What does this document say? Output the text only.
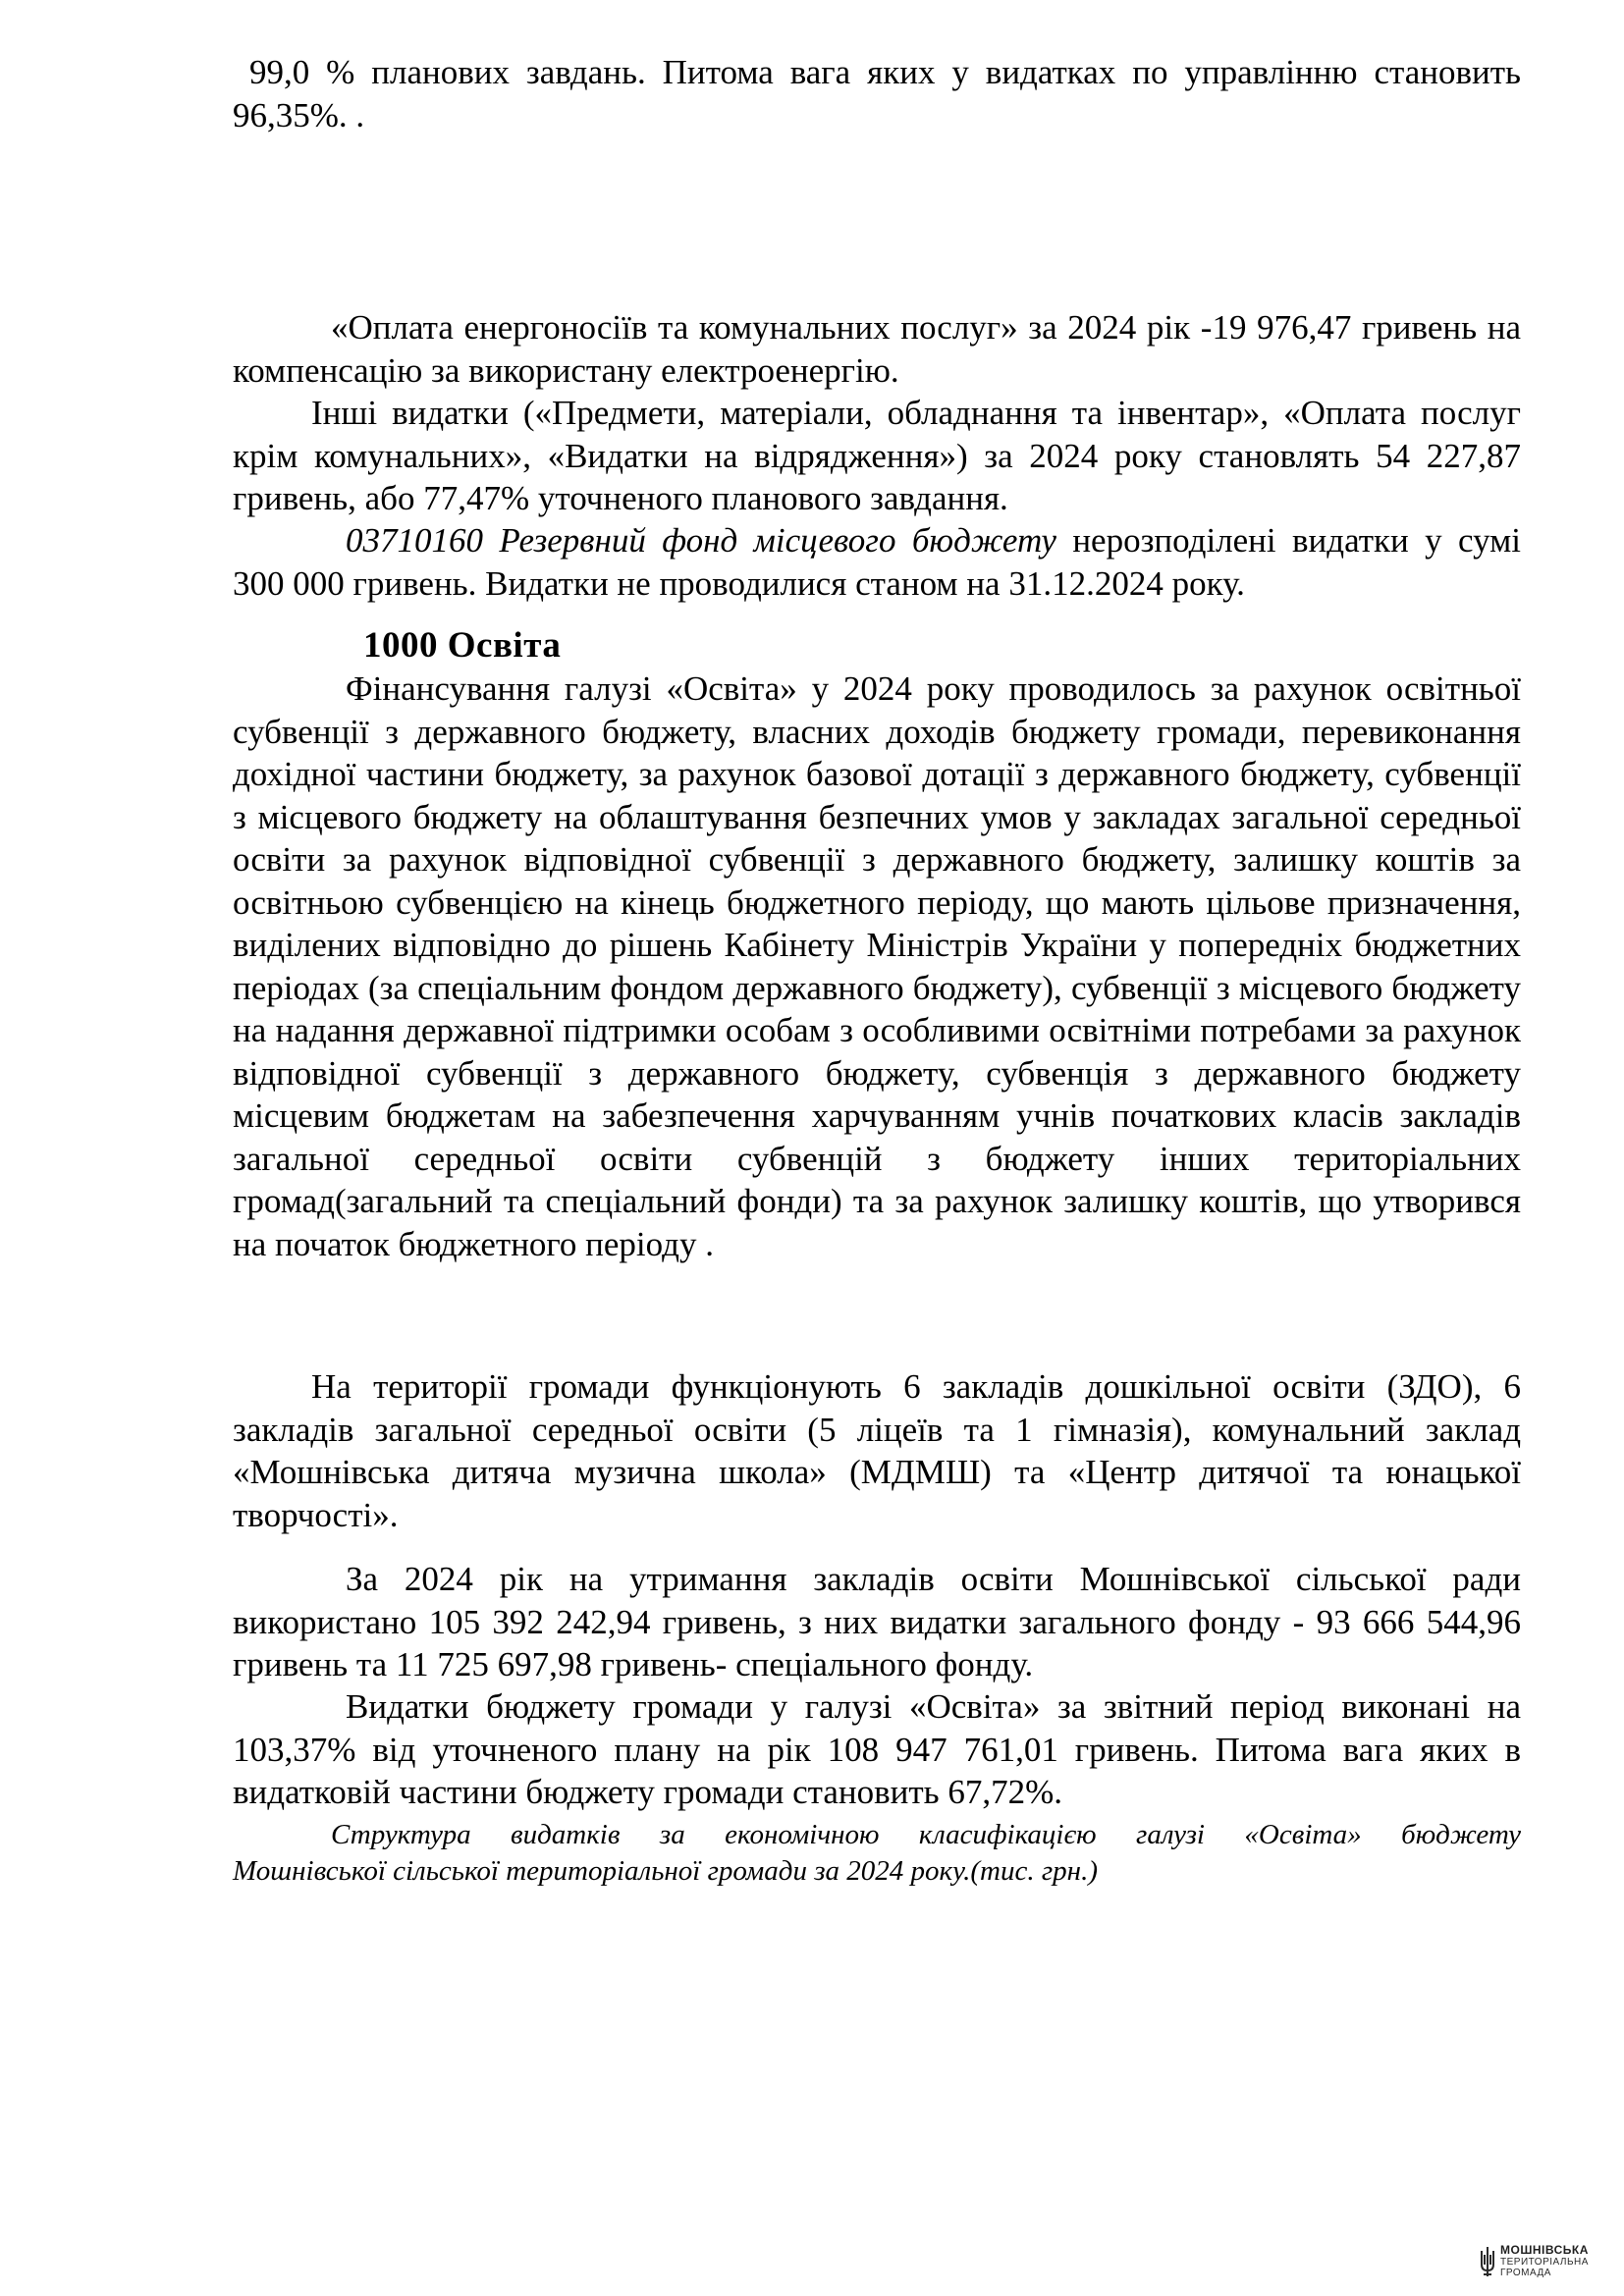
99,0 % планових завдань. Питома вага яких у видатках по управлінню становить 96,35%. .

«Оплата енергоносіїв та комунальних послуг» за 2024 рік -19 976,47 гривень на компенсацію за використану електроенергію.

Інші видатки («Предмети, матеріали, обладнання та інвентар», «Оплата послуг крім комунальних», «Видатки на відрядження») за 2024 року становлять 54 227,87 гривень, або 77,47% уточненого планового завдання.

03710160 Резервний фонд місцевого бюджету нерозподілені видатки у сумі 300 000 гривень. Видатки не проводилися станом на 31.12.2024 року.

1000 Освіта

Фінансування галузі «Освіта» у 2024 року проводилось за рахунок освітньої субвенції з державного бюджету, власних доходів бюджету громади, перевиконання дохідної частини бюджету, за рахунок базової дотації з державного бюджету, субвенції з місцевого бюджету на облаштування безпечних умов у закладах загальної середньої освіти за рахунок відповідної субвенції з державного бюджету, залишку коштів за освітньою субвенцією на кінець бюджетного періоду, що мають цільове призначення, виділених відповідно до рішень Кабінету Міністрів України у попередніх бюджетних періодах (за спеціальним фондом державного бюджету), субвенції з місцевого бюджету на надання державної підтримки особам з особливими освітніми потребами за рахунок відповідної субвенції з державного бюджету, субвенція з державного бюджету місцевим бюджетам на забезпечення харчуванням учнів початкових класів закладів загальної середньої освіти субвенцій з бюджету інших територіальних громад(загальний та спеціальний фонди) та за рахунок залишку коштів, що утворився на початок бюджетного періоду .

На території громади функціонують 6 закладів дошкільної освіти (ЗДО), 6 закладів загальної середньої освіти (5 ліцеїв та 1 гімназія), комунальний заклад «Мошнівська дитяча музична школа» (МДМШ) та «Центр дитячої та юнацької творчості».

За 2024 рік на утримання закладів освіти Мошнівської сільської ради використано 105 392 242,94 гривень, з них видатки загального фонду - 93 666 544,96 гривень та 11 725 697,98 гривень- спеціального фонду.

Видатки бюджету громади у галузі «Освіта» за звітний період виконані на 103,37% від уточненого плану на рік 108 947 761,01 гривень. Питома вага яких в видатковій частини бюджету громади становить 67,72%.

Структура видатків за економічною класифікацією галузі «Освіта» бюджету
Мошнівської сільської територіальної громади за 2024 року.(тис. грн.)
МОШНІВСЬКА
ТЕРИТОРІАЛЬНА
ГРОМАДА
